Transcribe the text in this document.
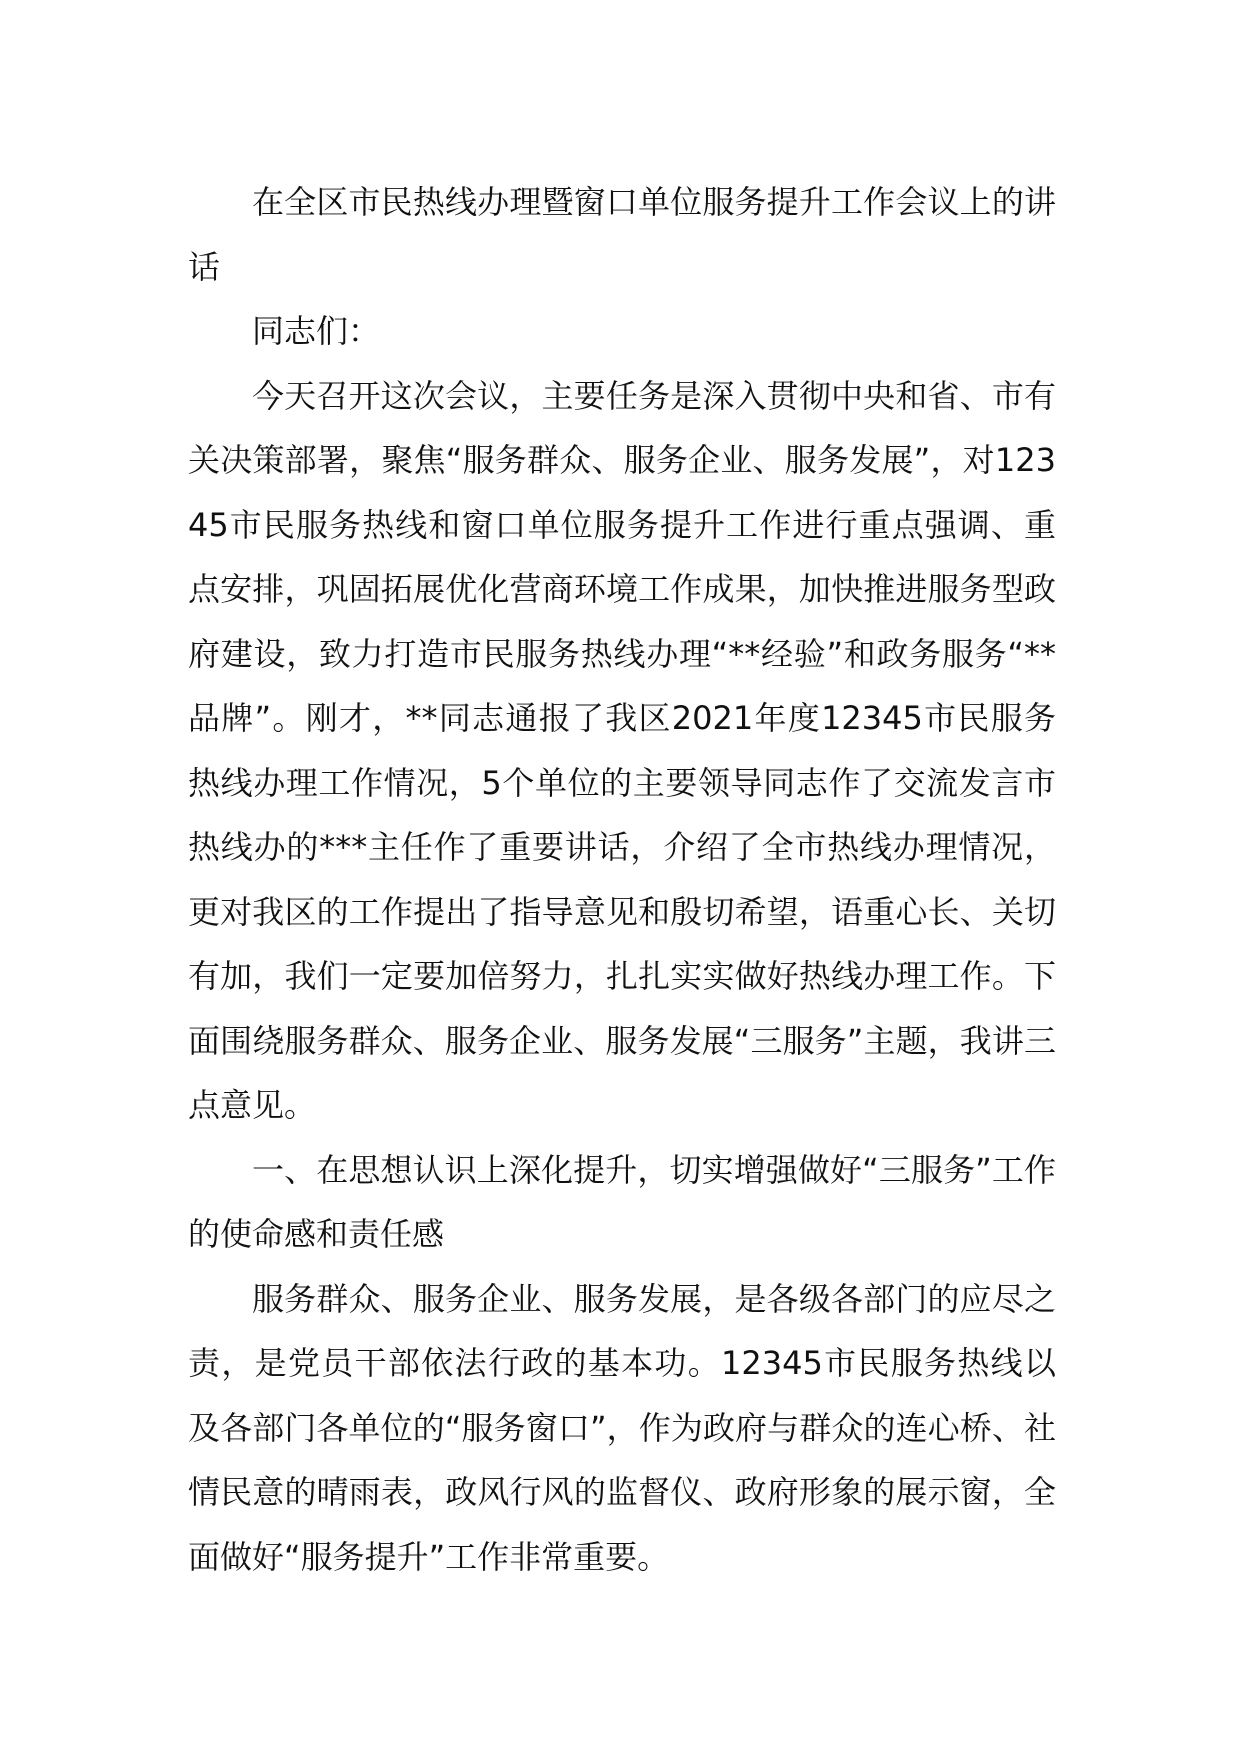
在全区市民热线办理暨窗口单位服务提升工作会议上的讲话

同志们：

今天召开这次会议，主要任务是深入贯彻中央和省、市有关决策部署，聚焦“服务群众、服务企业、服务发展”，对12345市民服务热线和窗口单位服务提升工作进行重点强调、重点安排，巩固拓展优化营商环境工作成果，加快推进服务型政府建设，致力打造市民服务热线办理“**经验”和政务服务“**品牌”。刚才，**同志通报了我区2021年度12345市民服务热线办理工作情况，5个单位的主要领导同志作了交流发言市热线办的***主任作了重要讲话，介绍了全市热线办理情况，更对我区的工作提出了指导意见和殷切希望，语重心长、关切有加，我们一定要加倍努力，扎扎实实做好热线办理工作。下面围绕服务群众、服务企业、服务发展“三服务”主题，我讲三点意见。

一、在思想认识上深化提升，切实增强做好“三服务”工作的使命感和责任感

服务群众、服务企业、服务发展，是各级各部门的应尽之责，是党员干部依法行政的基本功。12345市民服务热线以及各部门各单位的“服务窗口”，作为政府与群众的连心桥、社情民意的晴雨表，政风行风的监督仪、政府形象的展示窗，全面做好“服务提升”工作非常重要。
